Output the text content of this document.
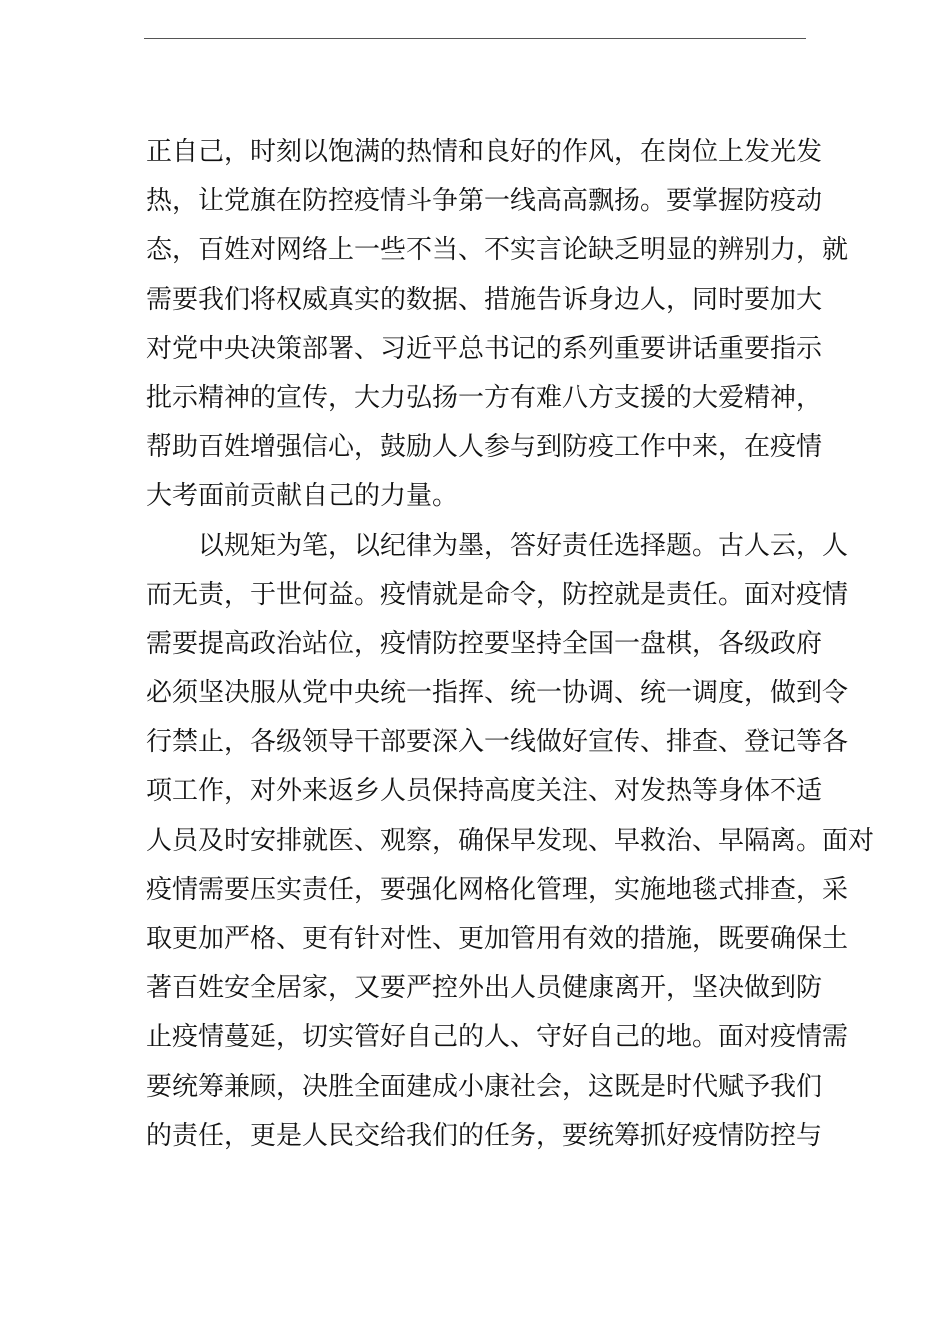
正自己，时刻以饱满的热情和良好的作风，在岗位上发光发
热，让党旗在防控疫情斗争第一线高高飘扬。要掌握防疫动
态，百姓对网络上一些不当、不实言论缺乏明显的辨别力，就
需要我们将权威真实的数据、措施告诉身边人，同时要加大
对党中央决策部署、习近平总书记的系列重要讲话重要指示
批示精神的宣传，大力弘扬一方有难八方支援的大爱精神，
帮助百姓增强信心，鼓励人人参与到防疫工作中来，在疫情
大考面前贡献自己的力量。
以规矩为笔，以纪律为墨，答好责任选择题。古人云，人
而无责，于世何益。疫情就是命令，防控就是责任。面对疫情
需要提高政治站位，疫情防控要坚持全国一盘棋，各级政府
必须坚决服从党中央统一指挥、统一协调、统一调度，做到令
行禁止，各级领导干部要深入一线做好宣传、排查、登记等各
项工作，对外来返乡人员保持高度关注、对发热等身体不适
人员及时安排就医、观察，确保早发现、早救治、早隔离。面对
疫情需要压实责任，要强化网格化管理，实施地毯式排查，采
取更加严格、更有针对性、更加管用有效的措施，既要确保土
著百姓安全居家，又要严控外出人员健康离开，坚决做到防
止疫情蔓延，切实管好自己的人、守好自己的地。面对疫情需
要统筹兼顾，决胜全面建成小康社会，这既是时代赋予我们
的责任，更是人民交给我们的任务，要统筹抓好疫情防控与
